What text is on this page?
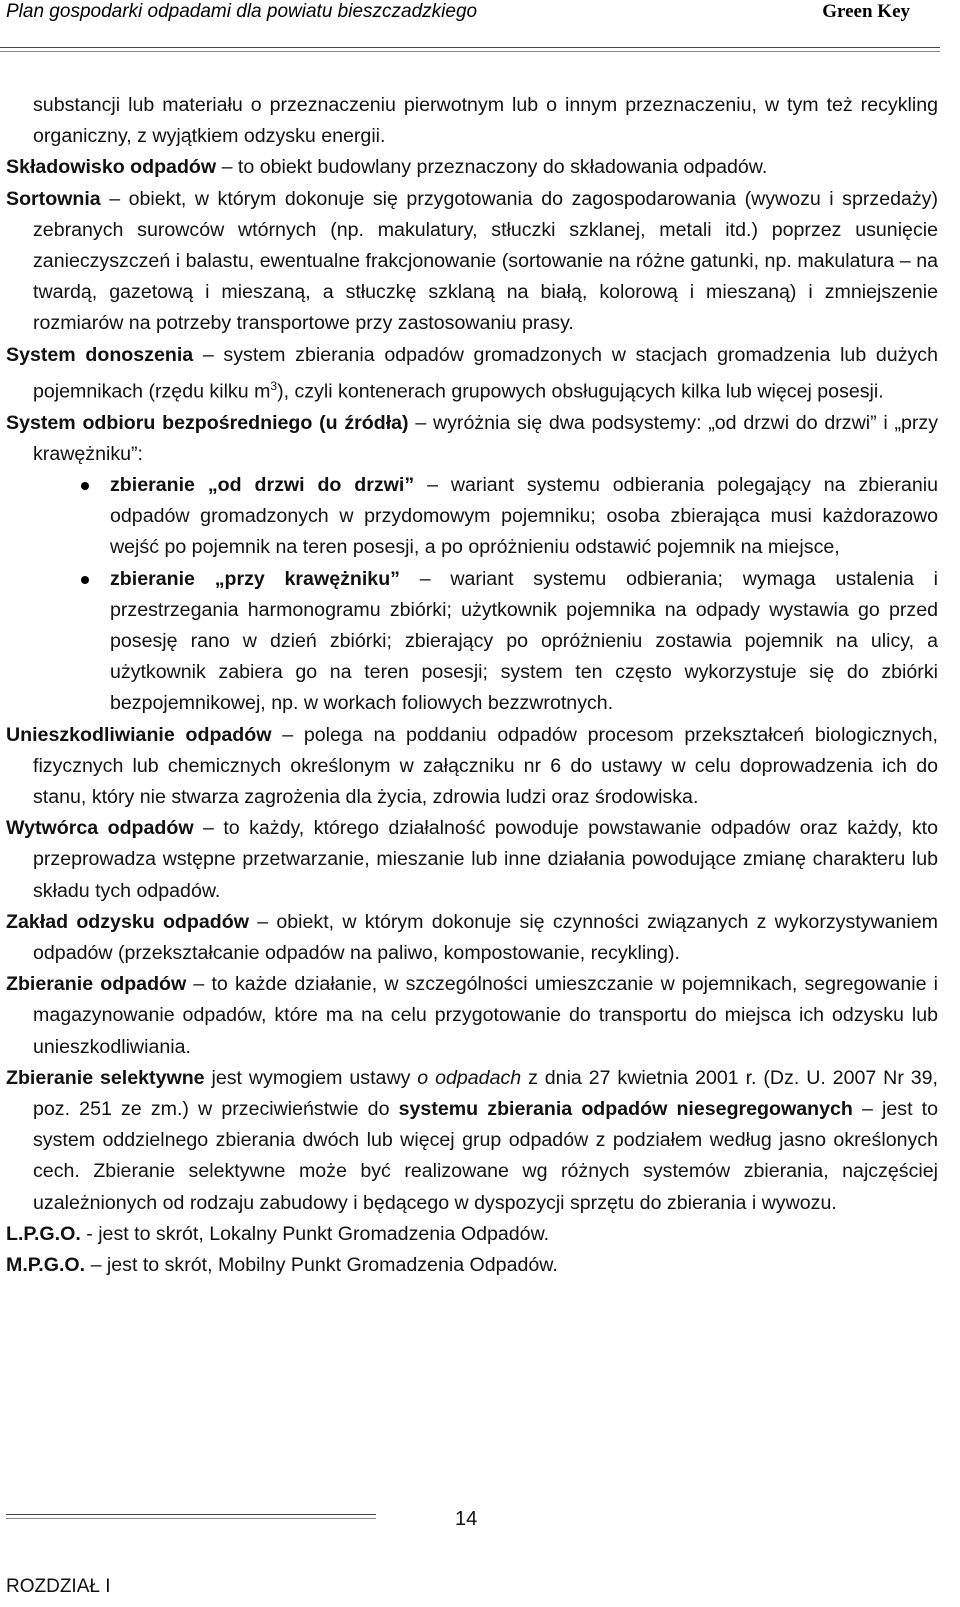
Plan gospodarki odpadami dla powiatu bieszczadzkiego	Green Key

substancji lub materiału o przeznaczeniu pierwotnym lub o innym przeznaczeniu, w tym też recykling organiczny, z wyjątkiem odzysku energii.

Składowisko odpadów – to obiekt budowlany przeznaczony do składowania odpadów.

Sortownia – obiekt, w którym dokonuje się przygotowania do zagospodarowania (wywozu i sprzedaży) zebranych surowców wtórnych (np. makulatury, stłuczki szklanej, metali itd.) poprzez usunięcie zanieczyszczeń i balastu, ewentualne frakcjonowanie (sortowanie na różne gatunki, np. makulatura – na twardą, gazetową i mieszaną, a stłuczkę szklaną na białą, kolorową i mieszaną) i zmniejszenie rozmiarów na potrzeby transportowe przy zastosowaniu prasy.

System donoszenia – system zbierania odpadów gromadzonych w stacjach gromadzenia lub dużych pojemnikach (rzędu kilku $m^3$), czyli kontenerach grupowych obsługujących kilka lub więcej posesji.

System odbioru bezpośredniego (u źródła) – wyróżnia się dwa podsystemy: „od drzwi do drzwi” i „przy krawężniku”:

zbieranie „od drzwi do drzwi” – wariant systemu odbierania polegający na zbieraniu odpadów gromadzonych w przydomowym pojemniku; osoba zbierająca musi każdorazowo wejść po pojemnik na teren posesji, a po opróżnieniu odstawić pojemnik na miejsce,
zbieranie „przy krawężniku” – wariant systemu odbierania; wymaga ustalenia i przestrzegania harmonogramu zbiórki; użytkownik pojemnika na odpady wystawia go przed posesję rano w dzień zbiórki; zbierający po opróżnieniu zostawia pojemnik na ulicy, a użytkownik zabiera go na teren posesji; system ten często wykorzystuje się do zbiórki bezpojemnikowej, np. w workach foliowych bezzwrotnych.

Unieszkodliwianie odpadów – polega na poddaniu odpadów procesom przekształceń biologicznych, fizycznych lub chemicznych określonym w załączniku nr 6 do ustawy w celu doprowadzenia ich do stanu, który nie stwarza zagrożenia dla życia, zdrowia ludzi oraz środowiska.

Wytwórca odpadów – to każdy, którego działalność powoduje powstawanie odpadów oraz każdy, kto przeprowadza wstępne przetwarzanie, mieszanie lub inne działania powodujące zmianę charakteru lub składu tych odpadów.

Zakład odzysku odpadów – obiekt, w którym dokonuje się czynności związanych z wykorzystywaniem odpadów (przekształcanie odpadów na paliwo, kompostowanie, recykling).

Zbieranie odpadów – to każde działanie, w szczególności umieszczanie w pojemnikach, segregowanie i magazynowanie odpadów, które ma na celu przygotowanie do transportu do miejsca ich odzysku lub unieszkodliwiania.

Zbieranie selektywne jest wymogiem ustawy o odpadach z dnia 27 kwietnia 2001 r. (Dz. U. 2007 Nr 39, poz. 251 ze zm.) w przeciwieństwie do systemu zbierania odpadów niesegregowanych – jest to system oddzielnego zbierania dwóch lub więcej grup odpadów z podziałem według jasno określonych cech. Zbieranie selektywne może być realizowane wg różnych systemów zbierania, najczęściej uzależnionych od rodzaju zabudowy i będącego w dyspozycji sprzętu do zbierania i wywozu.

L.P.G.O. - jest to skrót, Lokalny Punkt Gromadzenia Odpadów.

M.P.G.O. – jest to skrót, Mobilny Punkt Gromadzenia Odpadów.

14
ROZDZIAŁ I
